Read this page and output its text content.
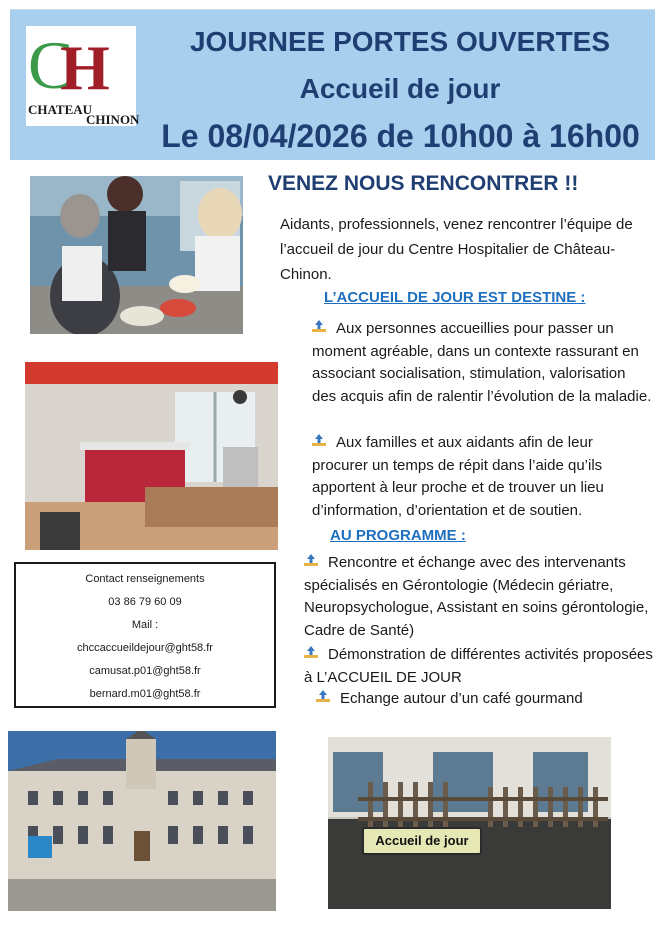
C
H
CHATEAU
CHINON
JOURNEE PORTES OUVERTES
Accueil de jour
Le 08/04/2026 de 10h00 à 16h00
Contact renseignements
03 86 79 60 09
Mail :
chccaccueildejour@ght58.fr
camusat.p01@ght58.fr
bernard.m01@ght58.fr
Accueil de jour
VENEZ NOUS RENCONTRER !!
Aidants, professionnels, venez rencontrer l’équipe de l’accueil de jour du Centre Hospitalier de Château-Chinon.
L’ACCUEIL DE JOUR EST DESTINE :
Aux personnes accueillies pour passer un moment agréable, dans un contexte rassurant en associant socialisation, stimulation, valorisation des acquis afin de ralentir l’évolution de la maladie.
Aux familles et aux aidants afin de leur procurer un temps de répit dans l’aide qu’ils apportent à leur proche et de trouver un lieu d’information, d’orientation et de soutien.
AU PROGRAMME :
Rencontre et échange avec des intervenants spécialisés en Gérontologie (Médecin gériatre, Neuropsychologue, Assistant en soins gérontologie, Cadre de Santé)
Démonstration de différentes activités proposées à L’ACCUEIL DE JOUR
Echange autour d’un café gourmand
